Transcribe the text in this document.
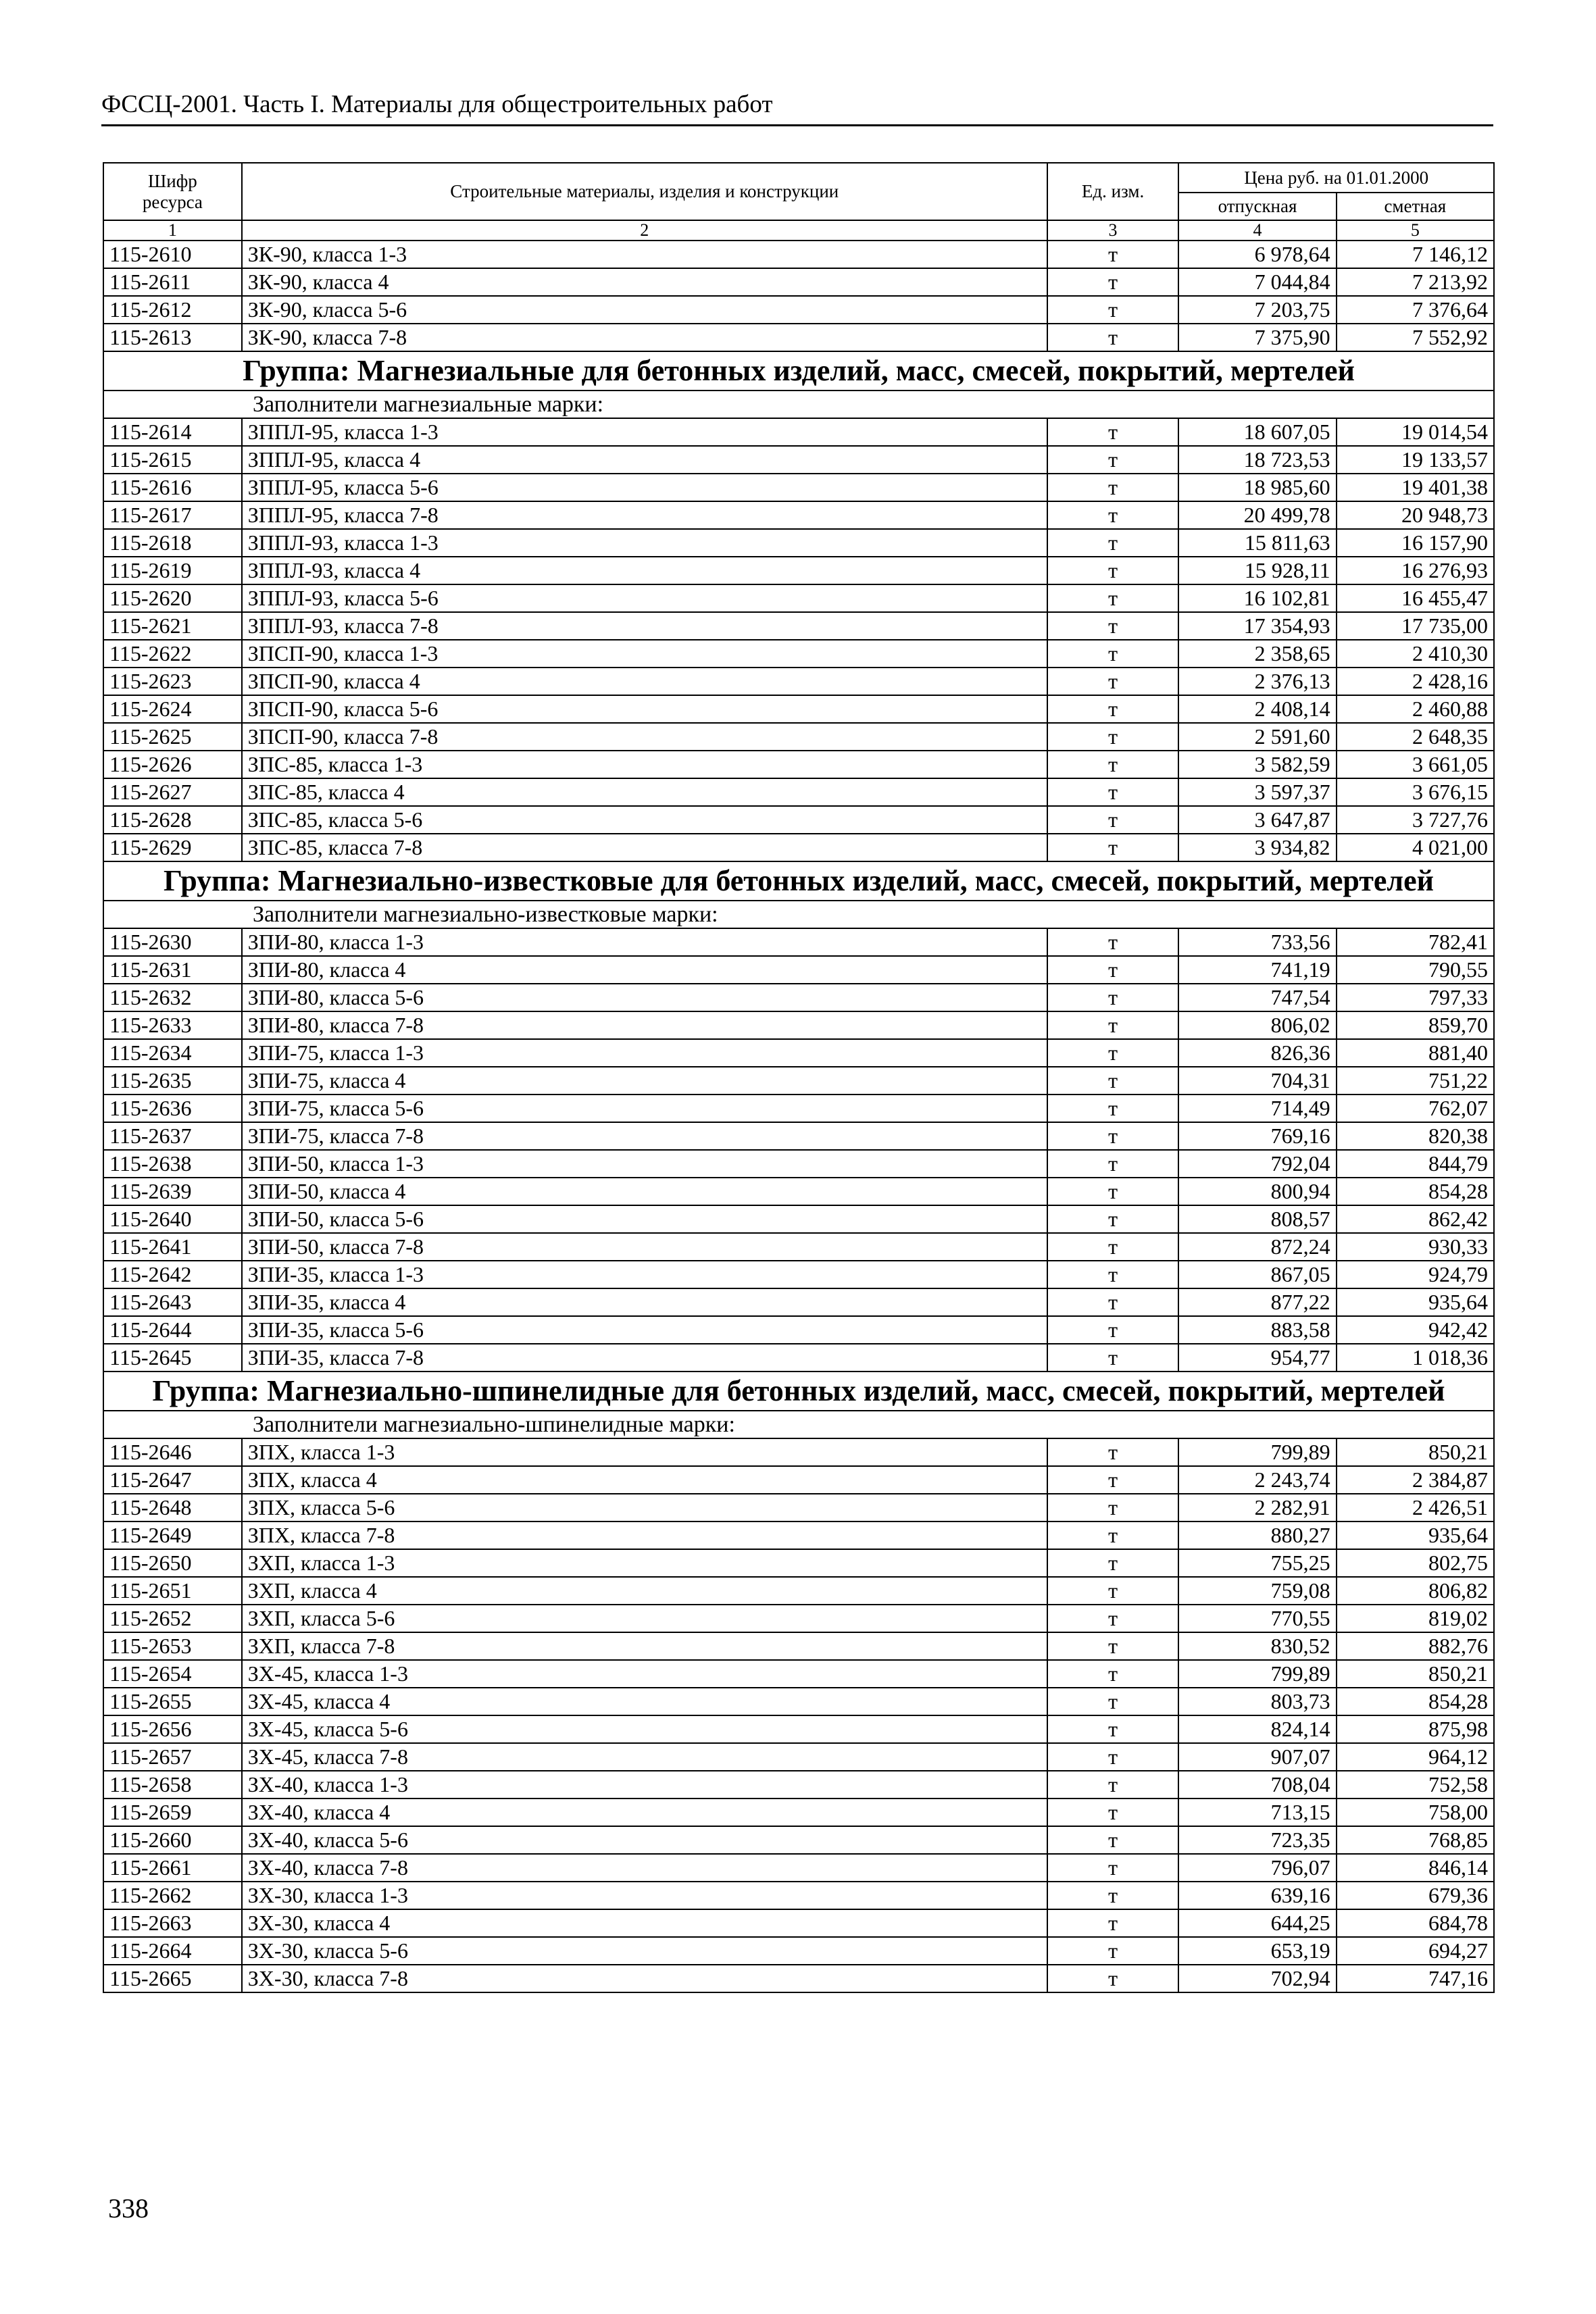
ФССЦ-2001. Часть I. Материалы для общестроительных работ
Шифр ресурса	Строительные материалы, изделия и конструкции	Ед. изм.	Цена руб. на 01.01.2000	
			отпускная	сметная
1	2	3	4	5
115-2610	ЗК-90, класса 1-3	т	6 978,64	7 146,12
115-2611	ЗК-90, класса 4	т	7 044,84	7 213,92
115-2612	ЗК-90, класса 5-6	т	7 203,75	7 376,64
115-2613	ЗК-90, класса 7-8	т	7 375,90	7 552,92
Группа: Магнезиальные для бетонных изделий, масс, смесей, покрытий, мертелей				
Заполнители магнезиальные марки:				
115-2614	ЗППЛ-95, класса 1-3	т	18 607,05	19 014,54
115-2615	ЗППЛ-95, класса 4	т	18 723,53	19 133,57
115-2616	ЗППЛ-95, класса 5-6	т	18 985,60	19 401,38
115-2617	ЗППЛ-95, класса 7-8	т	20 499,78	20 948,73
115-2618	ЗППЛ-93, класса 1-3	т	15 811,63	16 157,90
115-2619	ЗППЛ-93, класса 4	т	15 928,11	16 276,93
115-2620	ЗППЛ-93, класса 5-6	т	16 102,81	16 455,47
115-2621	ЗППЛ-93, класса 7-8	т	17 354,93	17 735,00
115-2622	ЗПСП-90, класса 1-3	т	2 358,65	2 410,30
115-2623	ЗПСП-90, класса 4	т	2 376,13	2 428,16
115-2624	ЗПСП-90, класса 5-6	т	2 408,14	2 460,88
115-2625	ЗПСП-90, класса 7-8	т	2 591,60	2 648,35
115-2626	ЗПС-85, класса 1-3	т	3 582,59	3 661,05
115-2627	ЗПС-85, класса 4	т	3 597,37	3 676,15
115-2628	ЗПС-85, класса 5-6	т	3 647,87	3 727,76
115-2629	ЗПС-85, класса 7-8	т	3 934,82	4 021,00
Группа: Магнезиально-известковые для бетонных изделий, масс, смесей, покрытий, мертелей				
Заполнители магнезиально-известковые марки:				
115-2630	ЗПИ-80, класса 1-3	т	733,56	782,41
115-2631	ЗПИ-80, класса 4	т	741,19	790,55
115-2632	ЗПИ-80, класса 5-6	т	747,54	797,33
115-2633	ЗПИ-80, класса 7-8	т	806,02	859,70
115-2634	ЗПИ-75, класса 1-3	т	826,36	881,40
115-2635	ЗПИ-75, класса 4	т	704,31	751,22
115-2636	ЗПИ-75, класса 5-6	т	714,49	762,07
115-2637	ЗПИ-75, класса 7-8	т	769,16	820,38
115-2638	ЗПИ-50, класса 1-3	т	792,04	844,79
115-2639	ЗПИ-50, класса 4	т	800,94	854,28
115-2640	ЗПИ-50, класса 5-6	т	808,57	862,42
115-2641	ЗПИ-50, класса 7-8	т	872,24	930,33
115-2642	ЗПИ-35, класса 1-3	т	867,05	924,79
115-2643	ЗПИ-35, класса 4	т	877,22	935,64
115-2644	ЗПИ-35, класса 5-6	т	883,58	942,42
115-2645	ЗПИ-35, класса 7-8	т	954,77	1 018,36
Группа: Магнезиально-шпинелидные для бетонных изделий, масс, смесей, покрытий, мертелей				
Заполнители магнезиально-шпинелидные марки:				
115-2646	ЗПХ, класса 1-3	т	799,89	850,21
115-2647	ЗПХ, класса 4	т	2 243,74	2 384,87
115-2648	ЗПХ, класса 5-6	т	2 282,91	2 426,51
115-2649	ЗПХ, класса 7-8	т	880,27	935,64
115-2650	ЗХП, класса 1-3	т	755,25	802,75
115-2651	ЗХП, класса 4	т	759,08	806,82
115-2652	ЗХП, класса 5-6	т	770,55	819,02
115-2653	ЗХП, класса 7-8	т	830,52	882,76
115-2654	ЗХ-45, класса 1-3	т	799,89	850,21
115-2655	ЗХ-45, класса 4	т	803,73	854,28
115-2656	ЗХ-45, класса 5-6	т	824,14	875,98
115-2657	ЗХ-45, класса 7-8	т	907,07	964,12
115-2658	ЗХ-40, класса 1-3	т	708,04	752,58
115-2659	ЗХ-40, класса 4	т	713,15	758,00
115-2660	ЗХ-40, класса 5-6	т	723,35	768,85
115-2661	ЗХ-40, класса 7-8	т	796,07	846,14
115-2662	ЗХ-30, класса 1-3	т	639,16	679,36
115-2663	ЗХ-30, класса 4	т	644,25	684,78
115-2664	ЗХ-30, класса 5-6	т	653,19	694,27
115-2665	ЗХ-30, класса 7-8	т	702,94	747,16
338
